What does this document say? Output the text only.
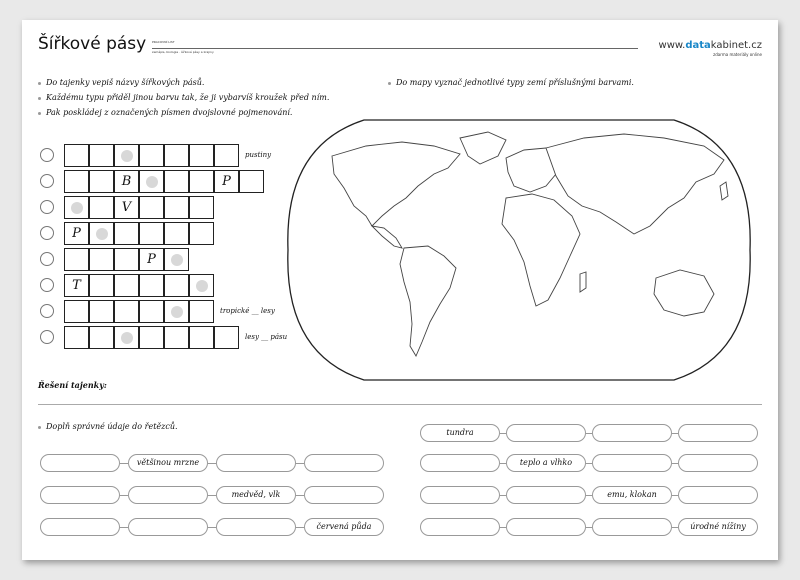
Šířkové pásy PRACOVNÍ LIST
zeměpis, biologie · šířkové pásy a krajiny
www.datakabinet.cz
zdarma materiály online
Do tajenky vepiš názvy šířkových pásů.
Každému typu přiděl jinou barvu tak, že ji vybarvíš kroužek před ním.
Pak poskládej z označených písmen dvojslovné pojmenování.
Do mapy vyznač jednotlivé typy zemí příslušnými barvami.
pustiny
B	P
V
P
P
T
tropické __ lesy
lesy __ pásu
Řešení tajenky:
Doplň správné údaje do řetězců.
většinou mrzne
medvěd, vlk
červená půda
tundra
teplo a vlhko
emu, klokan
úrodné nížiny
